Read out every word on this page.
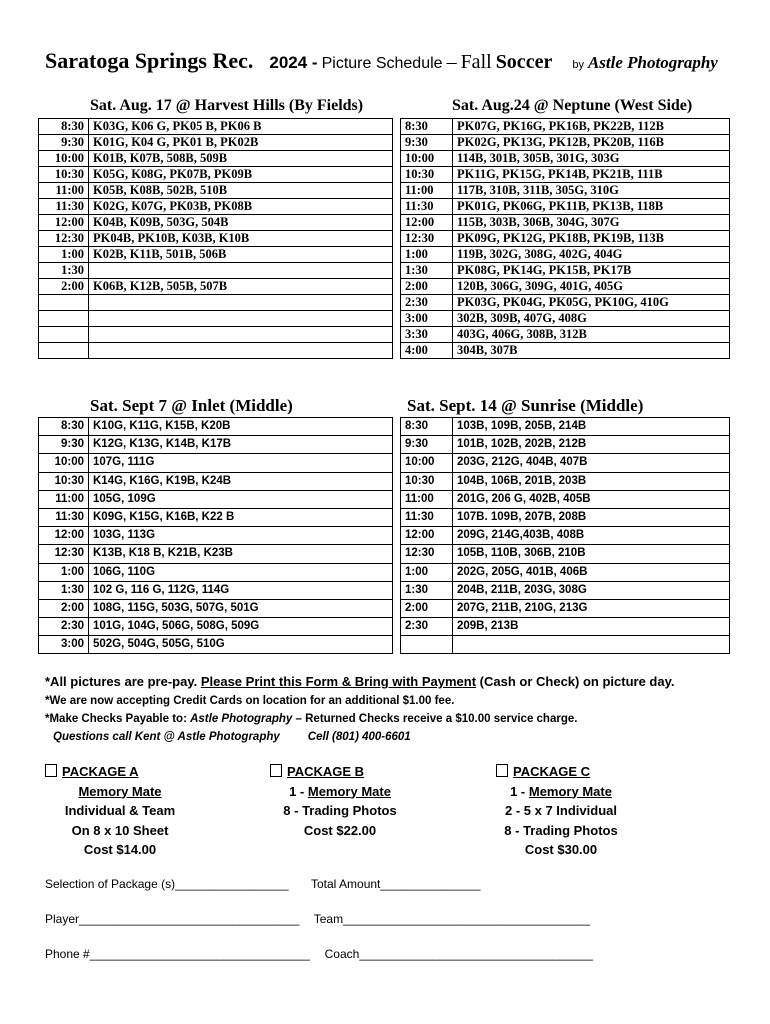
Saratoga Springs Rec. 2024 - Picture Schedule – Fall Soccer by Astle Photography
Sat. Aug. 17 @ Harvest Hills (By Fields)	Sat. Aug.24 @ Neptune (West Side)
Sat. Sept 7 @ Inlet (Middle)	Sat. Sept. 14 @ Sunrise (Middle)
8:30	K03G, K06 G, PK05 B, PK06 B
9:30	K01G, K04 G, PK01 B, PK02B
10:00	K01B, K07B, 508B, 509B
10:30	K05G, K08G, PK07B, PK09B
11:00	K05B, K08B, 502B, 510B
11:30	K02G, K07G, PK03B, PK08B
12:00	K04B, K09B, 503G, 504B
12:30	PK04B, PK10B, K03B, K10B
1:00	K02B, K11B, 501B, 506B
1:30	
2:00	K06B, K12B, 505B, 507B

8:30	PK07G, PK16G, PK16B, PK22B, 112B
9:30	PK02G, PK13G, PK12B, PK20B, 116B
10:00	114B, 301B, 305B, 301G, 303G
10:30	PK11G, PK15G, PK14B, PK21B, 111B
11:00	117B, 310B, 311B, 305G, 310G
11:30	PK01G, PK06G, PK11B, PK13B, 118B
12:00	115B, 303B, 306B, 304G, 307G
12:30	PK09G, PK12G, PK18B, PK19B, 113B
1:00	119B, 302G, 308G, 402G, 404G
1:30	PK08G, PK14G, PK15B, PK17B
2:00	120B, 306G, 309G, 401G, 405G
2:30	PK03G, PK04G, PK05G, PK10G, 410G
3:00	302B, 309B, 407G, 408G
3:30	403G, 406G, 308B, 312B
4:00	304B, 307B
8:30	K10G, K11G, K15B, K20B
9:30	K12G, K13G, K14B, K17B
10:00	107G, 111G
10:30	K14G, K16G, K19B, K24B
11:00	105G, 109G
11:30	K09G, K15G, K16B, K22 B
12:00	103G, 113G
12:30	K13B, K18 B, K21B, K23B
1:00	106G, 110G
1:30	102 G, 116 G, 112G, 114G
2:00	108G, 115G, 503G, 507G, 501G
2:30	101G, 104G, 506G, 508G, 509G
3:00	502G, 504G, 505G, 510G
8:30	103B, 109B, 205B, 214B
9:30	101B, 102B, 202B, 212B
10:00	203G, 212G, 404B, 407B
10:30	104B, 106B, 201B, 203B
11:00	201G, 206 G, 402B, 405B
11:30	107B. 109B, 207B, 208B
12:00	209G, 214G,403B, 408B
12:30	105B, 110B, 306B, 210B
1:00	202G, 205G, 401B, 406B
1:30	204B, 211B, 203G, 308G
2:00	207G, 211B, 210G, 213G
2:30	209B, 213B

*All pictures are pre-pay. Please Print this Form & Bring with Payment (Cash or Check) on picture day.
*We are now accepting Credit Cards on location for an additional $1.00 fee.
*Make Checks Payable to: Astle Photography – Returned Checks receive a $10.00 service charge.
Questions call Kent @ Astle Photography Cell (801) 400-6601
PACKAGE A
Memory Mate
Individual & Team
On 8 x 10 Sheet
Cost $14.00
PACKAGE B
1 - Memory Mate
8 - Trading Photos
Cost $22.00
PACKAGE C
1 - Memory Mate
2 - 5 x 7 Individual
8 - Trading Photos
Cost $30.00
Selection of Package (s)_________________ Total Amount_______________
Player_________________________________ Team_____________________________________
Phone #_________________________________ Coach___________________________________
